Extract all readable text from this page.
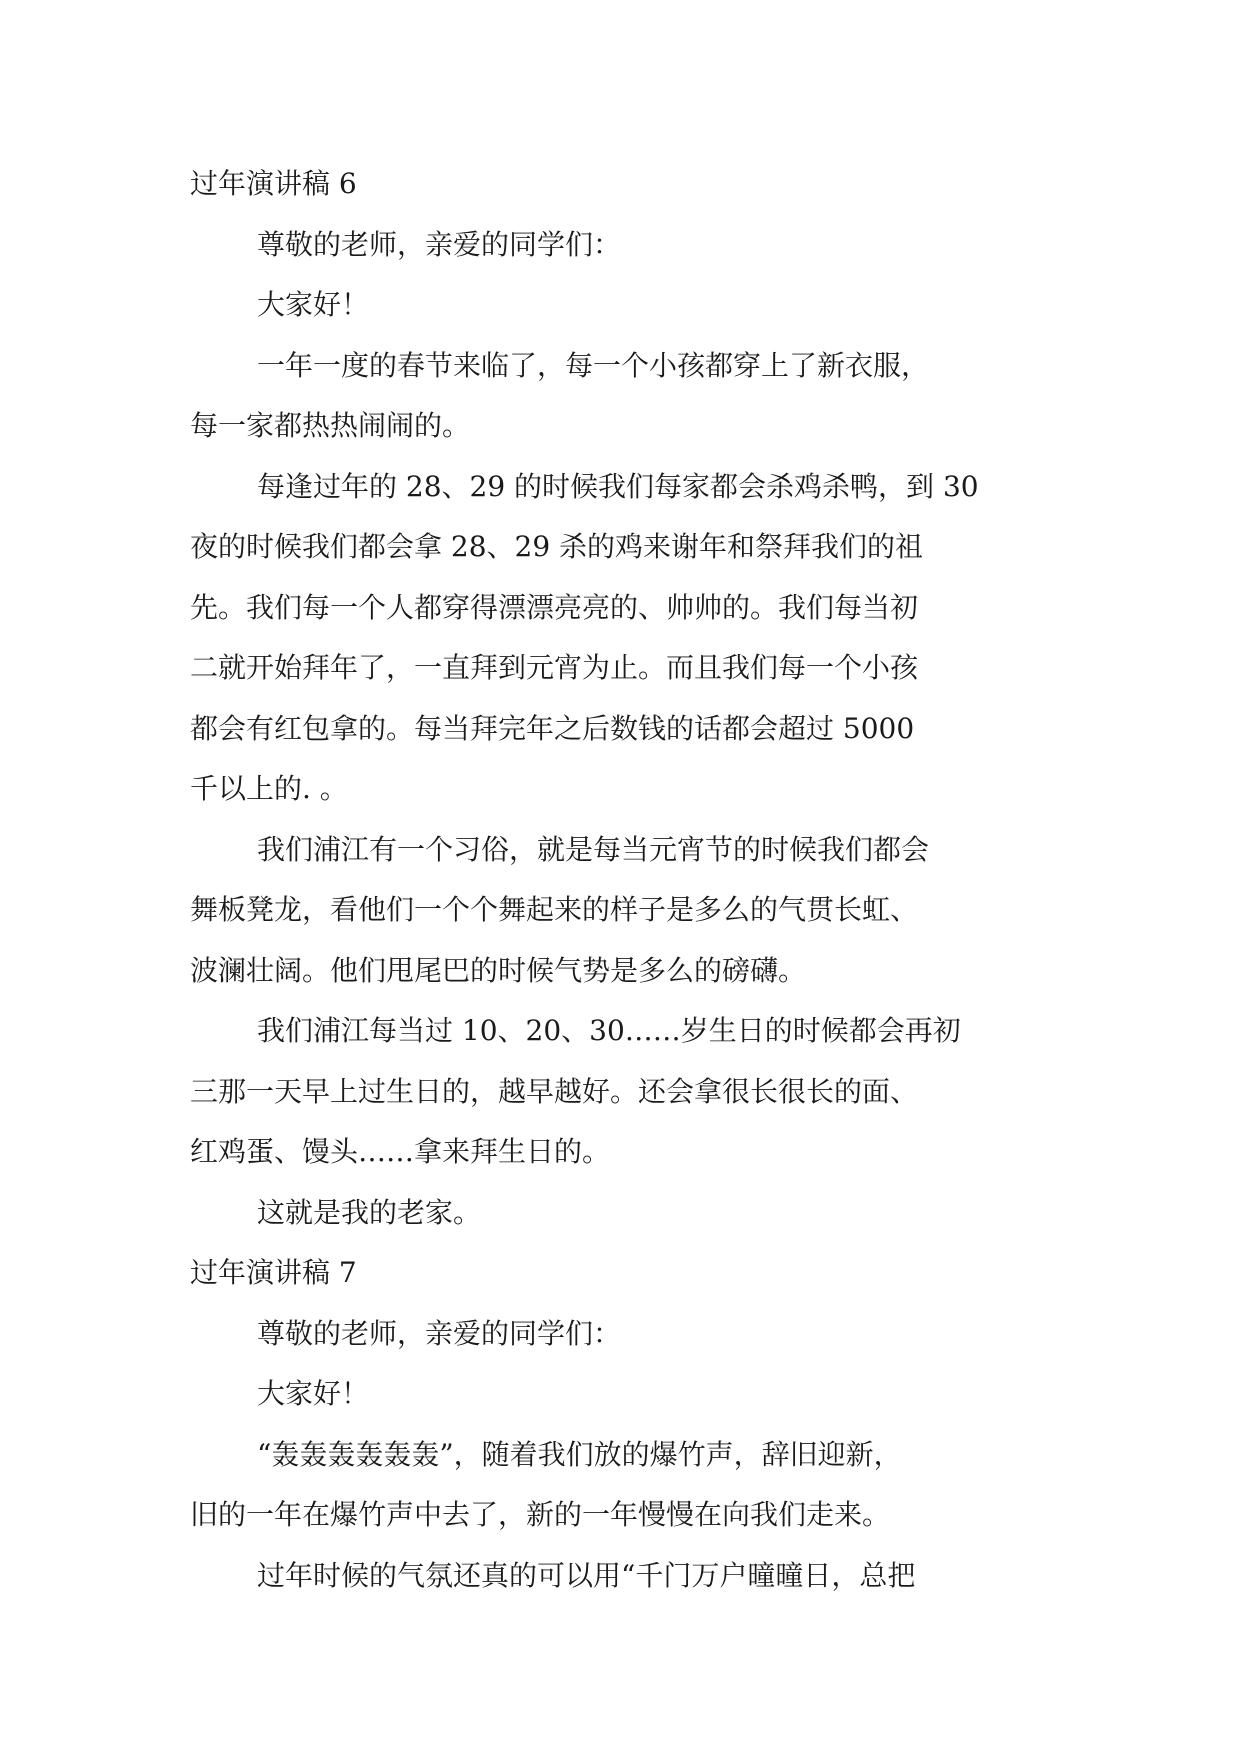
过年演讲稿 6
尊敬的老师，亲爱的同学们：
大家好！
一年一度的春节来临了，每一个小孩都穿上了新衣服，
每一家都热热闹闹的。
每逢过年的 28、29 的时候我们每家都会杀鸡杀鸭，到 30
夜的时候我们都会拿 28、29 杀的鸡来谢年和祭拜我们的祖
先。我们每一个人都穿得漂漂亮亮的、帅帅的。我们每当初
二就开始拜年了，一直拜到元宵为止。而且我们每一个小孩
都会有红包拿的。每当拜完年之后数钱的话都会超过 5000
千以上的. 。
我们浦江有一个习俗，就是每当元宵节的时候我们都会
舞板凳龙，看他们一个个舞起来的样子是多么的气贯长虹、
波澜壮阔。他们甩尾巴的时候气势是多么的磅礴。
我们浦江每当过 10、20、30……岁生日的时候都会再初
三那一天早上过生日的，越早越好。还会拿很长很长的面、
红鸡蛋、馒头……拿来拜生日的。
这就是我的老家。
过年演讲稿 7
尊敬的老师，亲爱的同学们：
大家好！
“轰轰轰轰轰轰”，随着我们放的爆竹声，辞旧迎新，
旧的一年在爆竹声中去了，新的一年慢慢在向我们走来。
过年时候的气氛还真的可以用“千门万户曈曈日，总把
